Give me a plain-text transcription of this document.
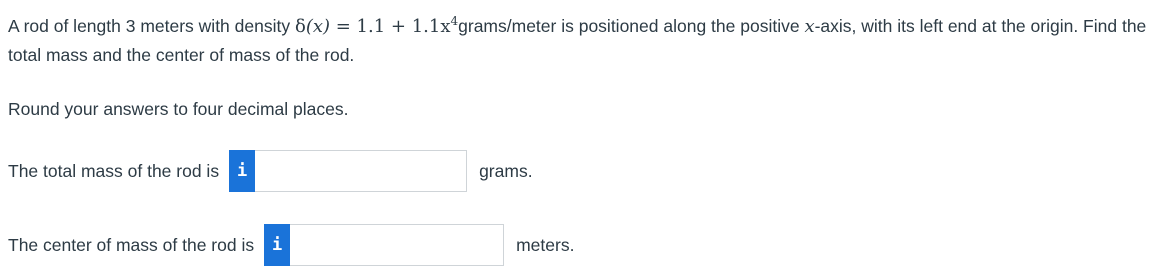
A rod of length 3 meters with density $\delta(x) = 1.1 + 1.1x^4grams$/meter is positioned along the positive x-axis, with its left end at the origin. Find the total mass and the center of mass of the rod.
Round your answers to four decimal places.
The total mass of the rod is	i	grams.
The center of mass of the rod is	i	meters.
